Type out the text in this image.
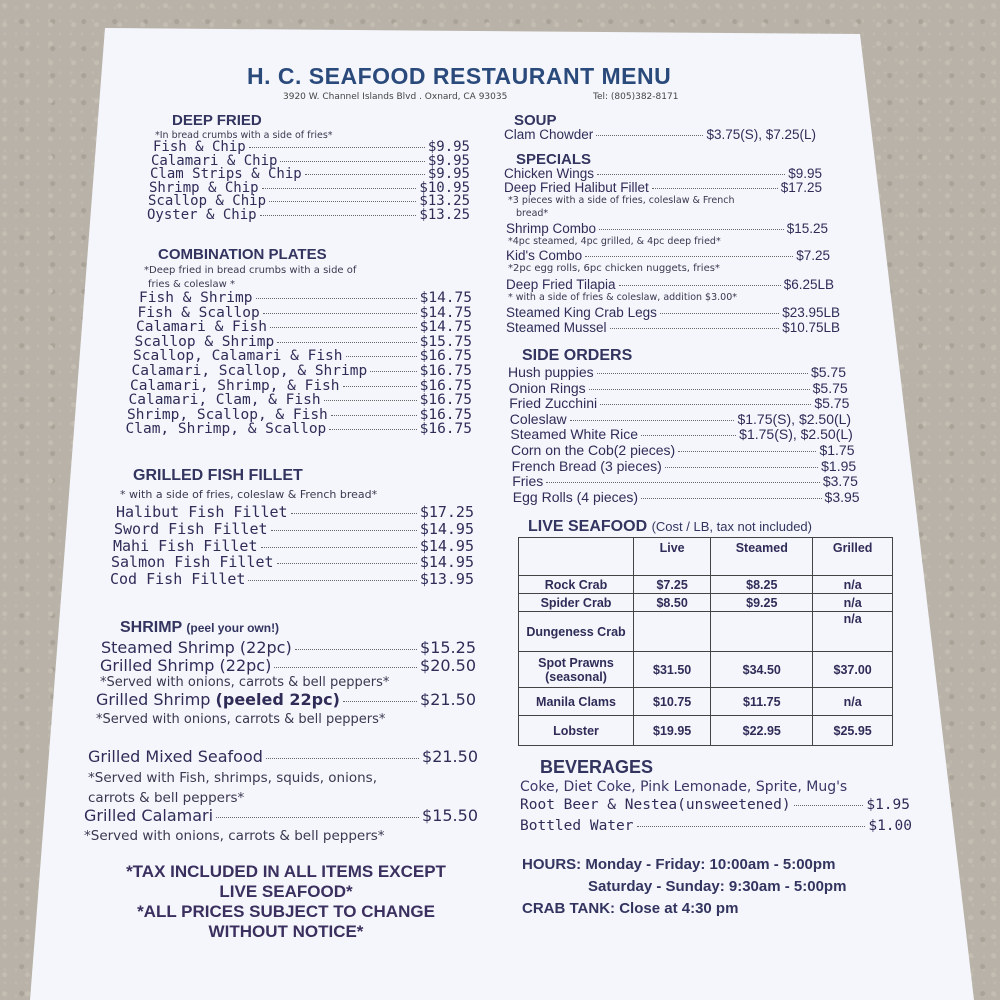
H. C. SEAFOOD RESTAURANT MENU
3920 W. Channel Islands Blvd . Oxnard, CA 93035	Tel: (805)382-8171
DEEP FRIED
*In bread crumbs with a side of fries*
Fish & Chip	$9.95
Calamari & Chip	$9.95
Clam Strips & Chip	$9.95
Shrimp & Chip	$10.95
Scallop & Chip	$13.25
Oyster & Chip	$13.25
COMBINATION PLATES
*Deep fried in bread crumbs with a side of
fries & coleslaw *
Fish & Shrimp	$14.75
Fish & Scallop	$14.75
Calamari & Fish	$14.75
Scallop & Shrimp	$15.75
Scallop, Calamari & Fish	$16.75
Calamari, Scallop, & Shrimp	$16.75
Calamari, Shrimp, & Fish	$16.75
Calamari, Clam, & Fish	$16.75
Shrimp, Scallop, & Fish	$16.75
Clam, Shrimp, & Scallop	$16.75
GRILLED FISH FILLET
* with a side of fries, coleslaw & French bread*
Halibut Fish Fillet	$17.25
Sword Fish Fillet	$14.95
Mahi Fish Fillet	$14.95
Salmon Fish Fillet	$14.95
Cod Fish Fillet	$13.95
SHRIMP (peel your own!)
Steamed Shrimp (22pc)	$15.25
Grilled Shrimp (22pc)	$20.50
*Served with onions, carrots & bell peppers*
Grilled Shrimp (peeled 22pc)	$21.50
*Served with onions, carrots & bell peppers*
Grilled Mixed Seafood	$21.50
*Served with Fish, shrimps, squids, onions,
carrots & bell peppers*
Grilled Calamari	$15.50
*Served with onions, carrots & bell peppers*
*TAX INCLUDED IN ALL ITEMS EXCEPT
LIVE SEAFOOD*
*ALL PRICES SUBJECT TO CHANGE
WITHOUT NOTICE*
SOUP
Clam Chowder	$3.75(S), $7.25(L)
SPECIALS
Chicken Wings	$9.95
Deep Fried Halibut Fillet	$17.25
*3 pieces with a side of fries, coleslaw & French
bread*
Shrimp Combo	$15.25
*4pc steamed, 4pc grilled, & 4pc deep fried*
Kid's Combo	$7.25
*2pc egg rolls, 6pc chicken nuggets, fries*
Deep Fried Tilapia	$6.25LB
* with a side of fries & coleslaw, addition $3.00*
Steamed King Crab Legs	$23.95LB
Steamed Mussel	$10.75LB
SIDE ORDERS
Hush puppies	$5.75
Onion Rings	$5.75
Fried Zucchini	$5.75
Coleslaw	$1.75(S), $2.50(L)
Steamed White Rice	$1.75(S), $2.50(L)
Corn on the Cob(2 pieces)	$1.75
French Bread (3 pieces)	$1.95
Fries	$3.75
Egg Rolls (4 pieces)	$3.95
LIVE SEAFOOD (Cost / LB, tax not included)
	Live	Steamed	Grilled
Rock Crab	$7.25	$8.25	n/a
Spider Crab	$8.50	$9.25	n/a
Dungeness Crab			n/a
Spot Prawns (seasonal)	$31.50	$34.50	$37.00
Manila Clams	$10.75	$11.75	n/a
Lobster	$19.95	$22.95	$25.95
BEVERAGES
Coke, Diet Coke, Pink Lemonade, Sprite, Mug's
Root Beer & Nestea(unsweetened)	$1.95
Bottled Water	$1.00
HOURS: Monday - Friday: 10:00am - 5:00pm
Saturday - Sunday: 9:30am - 5:00pm
CRAB TANK: Close at 4:30 pm
